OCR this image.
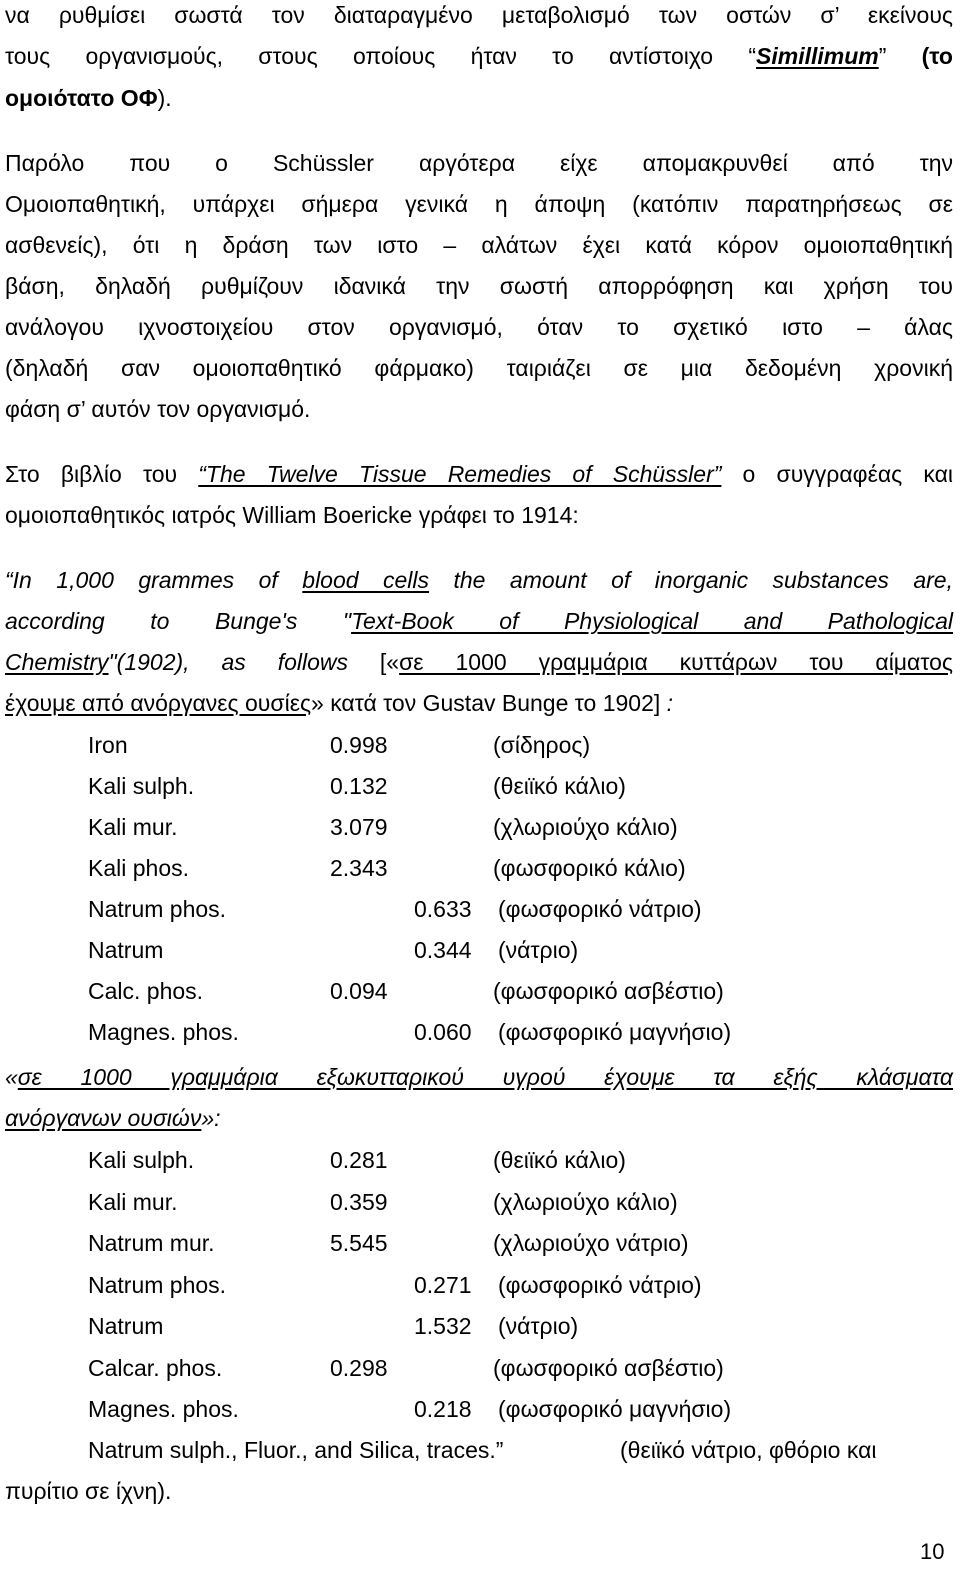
να ρυθμίσει σωστά τον διαταραγμένο μεταβολισμό των οστών σ’ εκείνους
τους οργανισμούς, στους οποίους ήταν το αντίστοιχο “Simillimum” (το
ομοιότατο ΟΦ).
Παρόλο που ο Schüssler αργότερα είχε απομακρυνθεί από την
Ομοιοπαθητική, υπάρχει σήμερα γενικά η άποψη (κατόπιν παρατηρήσεως σε
ασθενείς), ότι η δράση των ιστο – αλάτων έχει κατά κόρον ομοιοπαθητική
βάση, δηλαδή ρυθμίζουν ιδανικά την σωστή απορρόφηση και χρήση του
ανάλογου ιχνοστοιχείου στον οργανισμό, όταν το σχετικό ιστο – άλας
(δηλαδή σαν ομοιοπαθητικό φάρμακο) ταιριάζει σε μια δεδομένη χρονική
φάση σ’ αυτόν τον οργανισμό.
Στο βιβλίο του “The Twelve Tissue Remedies of Schüssler” ο συγγραφέας και
ομοιοπαθητικός ιατρός William Boericke γράφει το 1914:
“In 1,000 grammes of blood cells the amount of inorganic substances are,
according to Bunge's "Text-Book of Physiological and Pathological
Chemistry"(1902), as follows [«σε 1000 γραμμάρια κυττάρων του αίματος
έχουμε από ανόργανες ουσίες» κατά τον Gustav Bunge το 1902] :
Iron	0.998	(σίδηρος)
Kali sulph.	0.132	(θειϊκό κάλιο)
Kali mur.	3.079	(χλωριούχο κάλιο)
Kali phos.	2.343	(φωσφορικό κάλιο)
Natrum phos.	0.633 (φωσφορικό νάτριο)
Natrum	0.344 (νάτριο)
Calc. phos.	0.094	(φωσφορικό ασβέστιο)
Magnes. phos.	0.060 (φωσφορικό μαγνήσιο)
«σε 1000 γραμμάρια εξωκυτταρικού υγρού έχουμε τα εξής κλάσματα
ανόργανων ουσιών»:
Kali sulph.	0.281	(θειϊκό κάλιο)
Kali mur.	0.359	(χλωριούχο κάλιο)
Natrum mur.	5.545	(χλωριούχο νάτριο)
Natrum phos.	0.271 (φωσφορικό νάτριο)
Natrum	1.532 (νάτριο)
Calcar. phos.	0.298	(φωσφορικό ασβέστιο)
Magnes. phos.	0.218 (φωσφορικό μαγνήσιο)
Natrum sulph., Fluor., and Silica, traces.”	(θειϊκό νάτριο, φθόριο και
πυρίτιο σε ίχνη).
10
